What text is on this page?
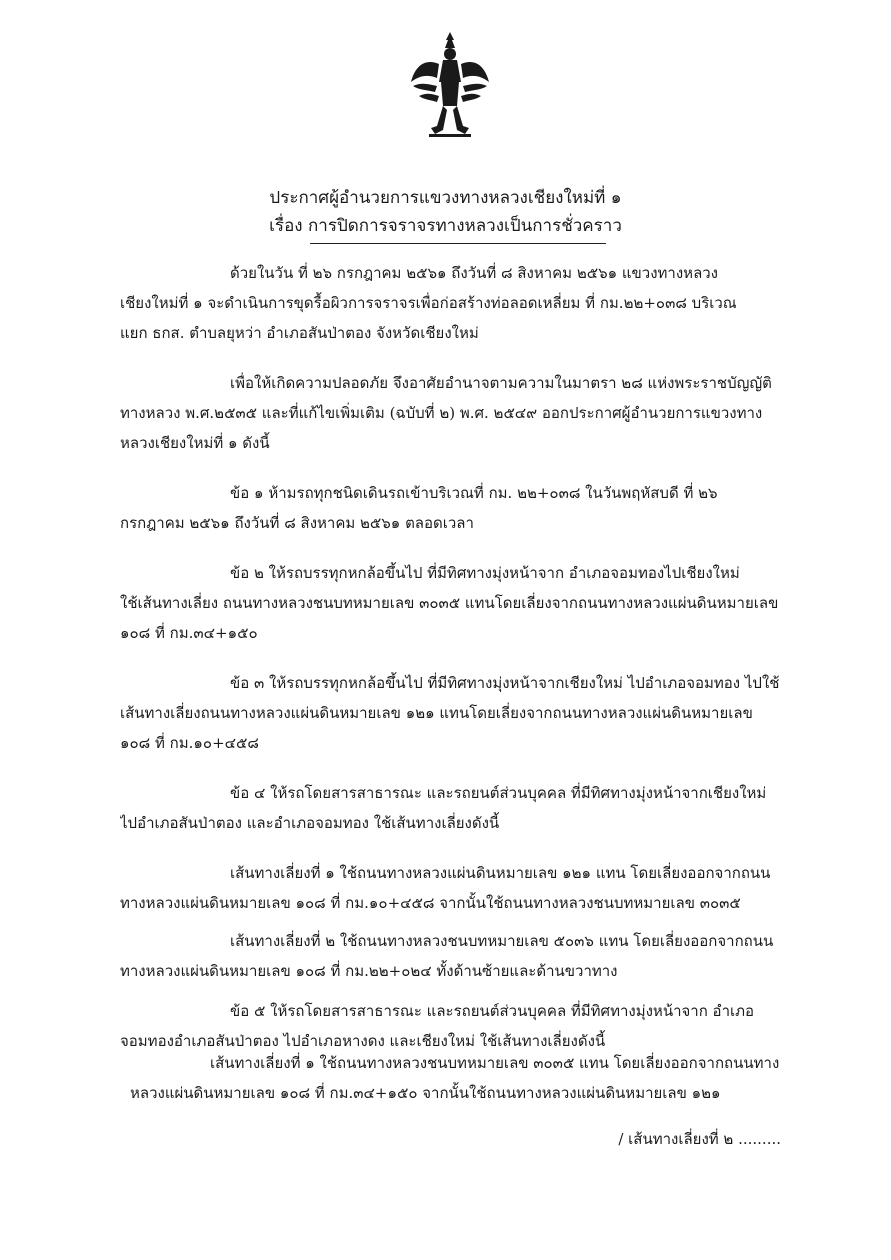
ประกาศผู้อำนวยการแขวงทางหลวงเชียงใหม่ที่ ๑
เรื่อง การปิดการจราจรทางหลวงเป็นการชั่วคราว
ด้วยในวัน ที่ ๒๖ กรกฎาคม ๒๕๖๑ ถึงวันที่ ๘ สิงหาคม ๒๕๖๑ แขวงทางหลวง
เชียงใหม่ที่ ๑ จะดำเนินการขุดรื้อผิวการจราจรเพื่อก่อสร้างท่อลอดเหลี่ยม ที่ กม.๒๒+๐๓๘ บริเวณ
แยก ธกส. ตำบลยุหว่า อำเภอสันป่าตอง จังหวัดเชียงใหม่
เพื่อให้เกิดความปลอดภัย จึงอาศัยอำนาจตามความในมาตรา ๒๘ แห่งพระราชบัญญัติ
ทางหลวง พ.ศ.๒๕๓๕ และที่แก้ไขเพิ่มเติม (ฉบับที่ ๒) พ.ศ. ๒๕๔๙ ออกประกาศผู้อำนวยการแขวงทาง
หลวงเชียงใหม่ที่ ๑ ดังนี้
ข้อ ๑ ห้ามรถทุกชนิดเดินรถเข้าบริเวณที่ กม. ๒๒+๐๓๘ ในวันพฤหัสบดี ที่ ๒๖
กรกฎาคม ๒๕๖๑ ถึงวันที่ ๘ สิงหาคม ๒๕๖๑ ตลอดเวลา
ข้อ ๒ ให้รถบรรทุกหกล้อขึ้นไป ที่มีทิศทางมุ่งหน้าจาก อำเภอจอมทองไปเชียงใหม่
ใช้เส้นทางเลี่ยง ถนนทางหลวงชนบทหมายเลข ๓๐๓๕ แทนโดยเลี่ยงจากถนนทางหลวงแผ่นดินหมายเลข
๑๐๘ ที่ กม.๓๔+๑๕๐
ข้อ ๓ ให้รถบรรทุกหกล้อขึ้นไป ที่มีทิศทางมุ่งหน้าจากเชียงใหม่ ไปอำเภอจอมทอง ไปใช้
เส้นทางเลี่ยงถนนทางหลวงแผ่นดินหมายเลข ๑๒๑ แทนโดยเลี่ยงจากถนนทางหลวงแผ่นดินหมายเลข
๑๐๘ ที่ กม.๑๐+๔๕๘
ข้อ ๔ ให้รถโดยสารสาธารณะ และรถยนต์ส่วนบุคคล ที่มีทิศทางมุ่งหน้าจากเชียงใหม่
ไปอำเภอสันป่าตอง และอำเภอจอมทอง ใช้เส้นทางเลี่ยงดังนี้
เส้นทางเลี่ยงที่ ๑ ใช้ถนนทางหลวงแผ่นดินหมายเลข ๑๒๑ แทน โดยเลี่ยงออกจากถนน
ทางหลวงแผ่นดินหมายเลข ๑๐๘ ที่ กม.๑๐+๔๕๘ จากนั้นใช้ถนนทางหลวงชนบทหมายเลข ๓๐๓๕
เส้นทางเลี่ยงที่ ๒ ใช้ถนนทางหลวงชนบทหมายเลข ๕๐๓๖ แทน โดยเลี่ยงออกจากถนน
ทางหลวงแผ่นดินหมายเลข ๑๐๘ ที่ กม.๒๒+๐๒๔ ทั้งด้านซ้ายและด้านขวาทาง
ข้อ ๕ ให้รถโดยสารสาธารณะ และรถยนต์ส่วนบุคคล ที่มีทิศทางมุ่งหน้าจาก อำเภอ
จอมทองอำเภอสันป่าตอง ไปอำเภอหางดง และเชียงใหม่ ใช้เส้นทางเลี่ยงดังนี้
เส้นทางเลี่ยงที่ ๑ ใช้ถนนทางหลวงชนบทหมายเลข ๓๐๓๕ แทน โดยเลี่ยงออกจากถนนทาง
หลวงแผ่นดินหมายเลข ๑๐๘ ที่ กม.๓๔+๑๕๐ จากนั้นใช้ถนนทางหลวงแผ่นดินหมายเลข ๑๒๑
/ เส้นทางเลี่ยงที่ ๒ .........
